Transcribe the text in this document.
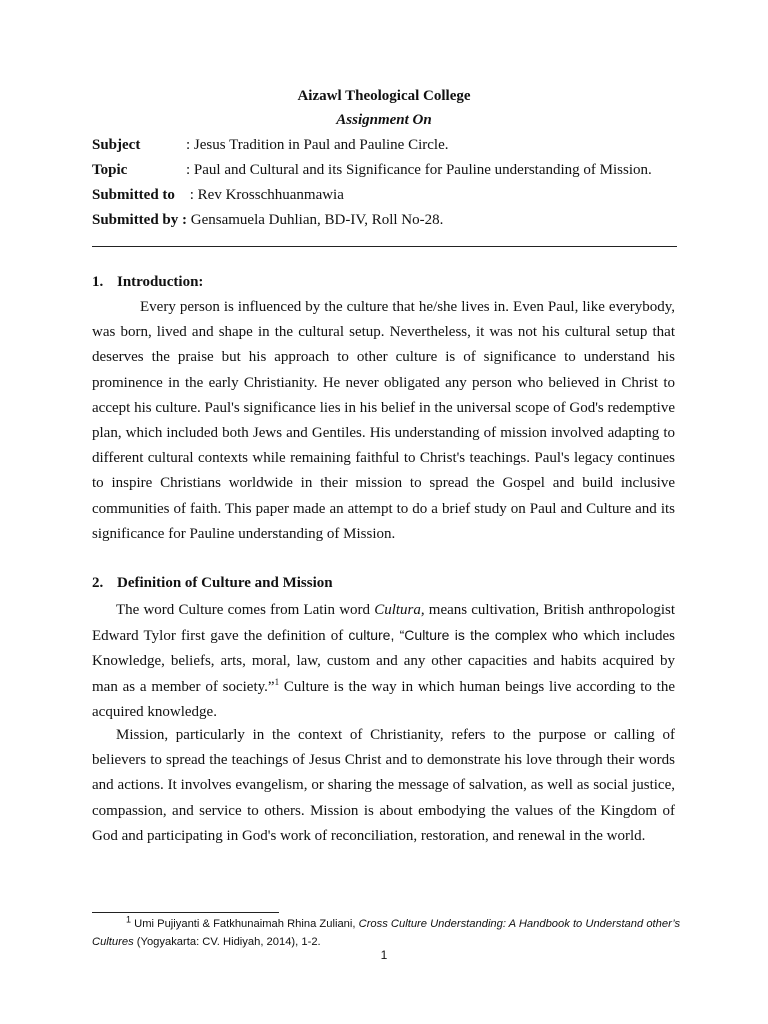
Aizawl Theological College
Assignment On
Subject	: Jesus Tradition in Paul and Pauline Circle.
Topic	: Paul and Cultural and its Significance for Pauline understanding of Mission.
Submitted to : Rev Krosschhuanmawia
Submitted by : Gensamuela Duhlian, BD-IV, Roll No-28.
1. Introduction:
Every person is influenced by the culture that he/she lives in. Even Paul, like everybody, was born, lived and shape in the cultural setup. Nevertheless, it was not his cultural setup that deserves the praise but his approach to other culture is of significance to understand his prominence in the early Christianity. He never obligated any person who believed in Christ to accept his culture. Paul's significance lies in his belief in the universal scope of God's redemptive plan, which included both Jews and Gentiles. His understanding of mission involved adapting to different cultural contexts while remaining faithful to Christ's teachings. Paul's legacy continues to inspire Christians worldwide in their mission to spread the Gospel and build inclusive communities of faith. This paper made an attempt to do a brief study on Paul and Culture and its significance for Pauline understanding of Mission.
2. Definition of Culture and Mission
The word Culture comes from Latin word Cultura, means cultivation, British anthropologist Edward Tylor first gave the definition of culture, “Culture is the complex who which includes Knowledge, beliefs, arts, moral, law, custom and any other capacities and habits acquired by man as a member of society.”$^1$ Culture is the way in which human beings live according to the acquired knowledge.
Mission, particularly in the context of Christianity, refers to the purpose or calling of believers to spread the teachings of Jesus Christ and to demonstrate his love through their words and actions. It involves evangelism, or sharing the message of salvation, as well as social justice, compassion, and service to others. Mission is about embodying the values of the Kingdom of God and participating in God's work of reconciliation, restoration, and renewal in the world.
$^1$ Umi Pujiyanti & Fatkhunaimah Rhina Zuliani, Cross Culture Understanding: A Handbook to Understand other’s Cultures (Yogyakarta: CV. Hidiyah, 2014), 1-2.
1
